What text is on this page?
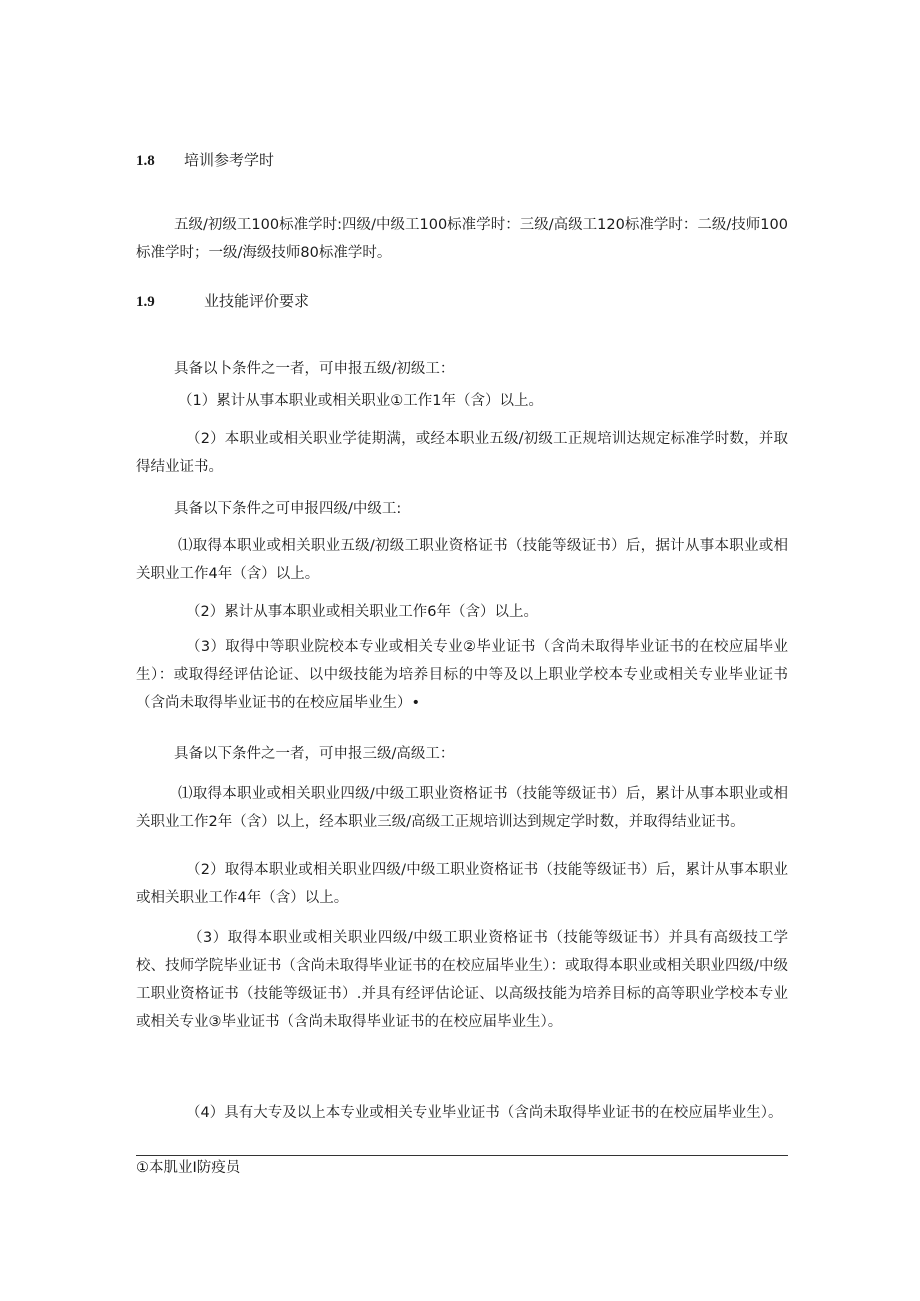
1.8 培训参考学时
五级/初级工100标准学时:四级/中级工100标准学时：三级/高级工120标准学时：二级/技师100标准学时；一级/海级技师80标准学时。
1.9	业技能评价要求
具备以卜条件之一者，可申报五级/初级工：
（1）累计从事本职业或相关职业①工作1年（含）以上。
（2）本职业或相关职业学徒期满，或经本职业五级/初级工正规培训达规定标准学时数，并取得结业证书。
具备以下条件之可申报四级/中级工:
⑴取得本职业或相关职业五级/初级工职业资格证书（技能等级证书）后，据计从事本职业或相关职业工作4年（含）以上。
（2）累计从事本职业或相关职业工作6年（含）以上。
（3）取得中等职业院校本专业或相关专业②毕业证书（含尚未取得毕业证书的在校应届毕业生）：或取得经评估论证、以中级技能为培养目标的中等及以上职业学校本专业或相关专业毕业证书（含尚未取得毕业证书的在校应届毕业生）•
具备以下条件之一者，可申报三级/高级工：
⑴取得本职业或相关职业四级/中级工职业资格证书（技能等级证书）后，累计从事本职业或相关职业工作2年（含）以上，经本职业三级/高级工正规培训达到规定学时数，并取得结业证书。
（2）取得本职业或相关职业四级/中级工职业资格证书（技能等级证书）后，累计从事本职业或相关职业工作4年（含）以上。
（3）取得本职业或相关职业四级/中级工职业资格证书（技能等级证书）并具有高级技工学校、技师学院毕业证书（含尚未取得毕业证书的在校应届毕业生）：或取得本职业或相关职业四级/中级工职业资格证书（技能等级证书）.并具有经评估论证、以高级技能为培养目标的高等职业学校本专业或相关专业③毕业证书（含尚未取得毕业证书的在校应届毕业生）。
（4）具有大专及以上本专业或相关专业毕业证书（含尚未取得毕业证书的在校应届毕业生）。
①本肌业I防疫员
